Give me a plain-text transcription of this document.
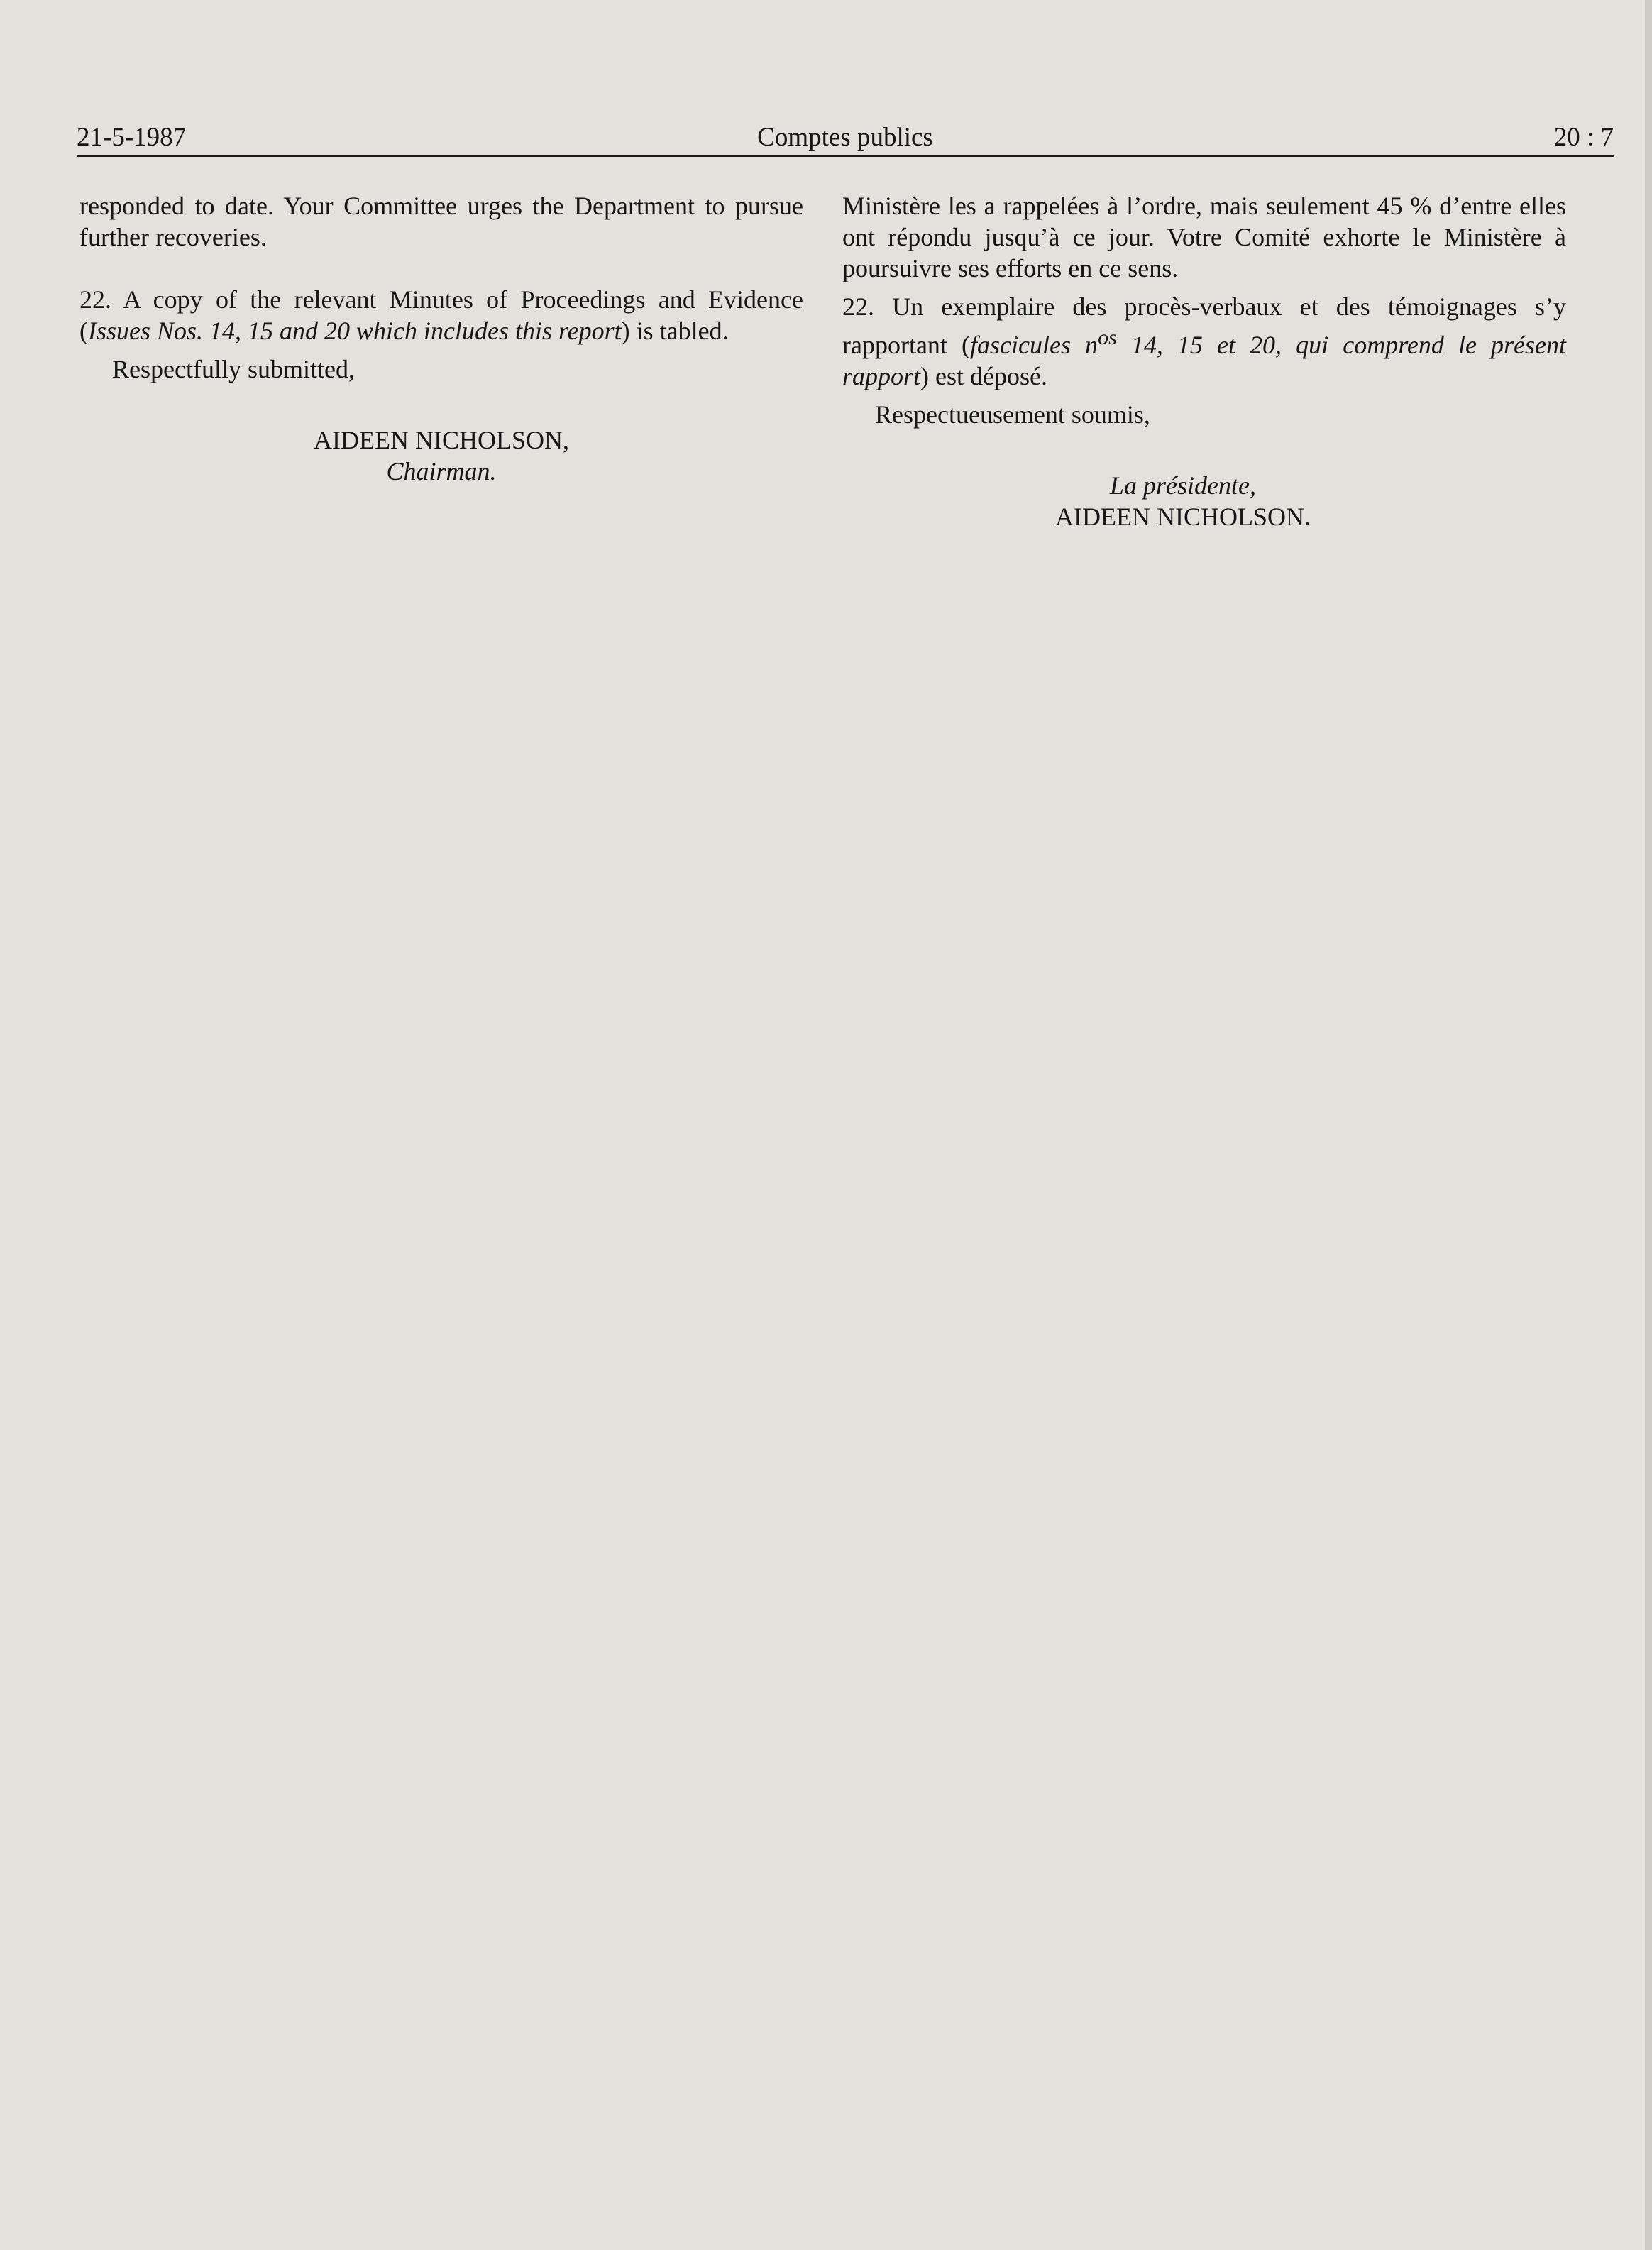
21-5-1987	Comptes publics	20 : 7

responded to date. Your Committee urges the Department to pursue further recoveries.

22. A copy of the relevant Minutes of Proceedings and Evidence (Issues Nos. 14, 15 and 20 which includes this report) is tabled.

Respectfully submitted,

AIDEEN NICHOLSON,
Chairman.

Ministère les a rappelées à l’ordre, mais seulement 45 % d’entre elles ont répondu jusqu’à ce jour. Votre Comité exhorte le Ministère à poursuivre ses efforts en ce sens.

22. Un exemplaire des procès-verbaux et des témoignages s’y rapportant (fascicules $n^{os}$ 14, 15 et 20, qui comprend le présent rapport) est déposé.

Respectueusement soumis,

La présidente,
AIDEEN NICHOLSON.
